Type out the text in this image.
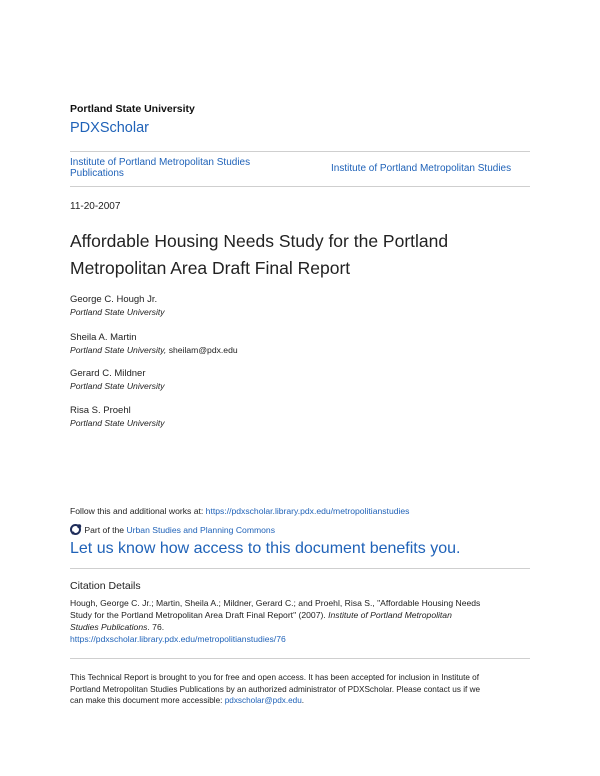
Portland State University
PDXScholar
Institute of Portland Metropolitan Studies Publications	Institute of Portland Metropolitan Studies
11-20-2007
Affordable Housing Needs Study for the Portland
Metropolitan Area Draft Final Report
George C. Hough Jr.
Portland State University
Sheila A. Martin
Portland State University, sheilam@pdx.edu
Gerard C. Mildner
Portland State University
Risa S. Proehl
Portland State University
Follow this and additional works at: https://pdxscholar.library.pdx.edu/metropolitianstudies
Part of the Urban Studies and Planning Commons
Let us know how access to this document benefits you.
Citation Details
Hough, George C. Jr.; Martin, Sheila A.; Mildner, Gerard C.; and Proehl, Risa S., "Affordable Housing Needs
Study for the Portland Metropolitan Area Draft Final Report" (2007). Institute of Portland Metropolitan
Studies Publications. 76.
https://pdxscholar.library.pdx.edu/metropolitianstudies/76
This Technical Report is brought to you for free and open access. It has been accepted for inclusion in Institute of
Portland Metropolitan Studies Publications by an authorized administrator of PDXScholar. Please contact us if we
can make this document more accessible: pdxscholar@pdx.edu.
